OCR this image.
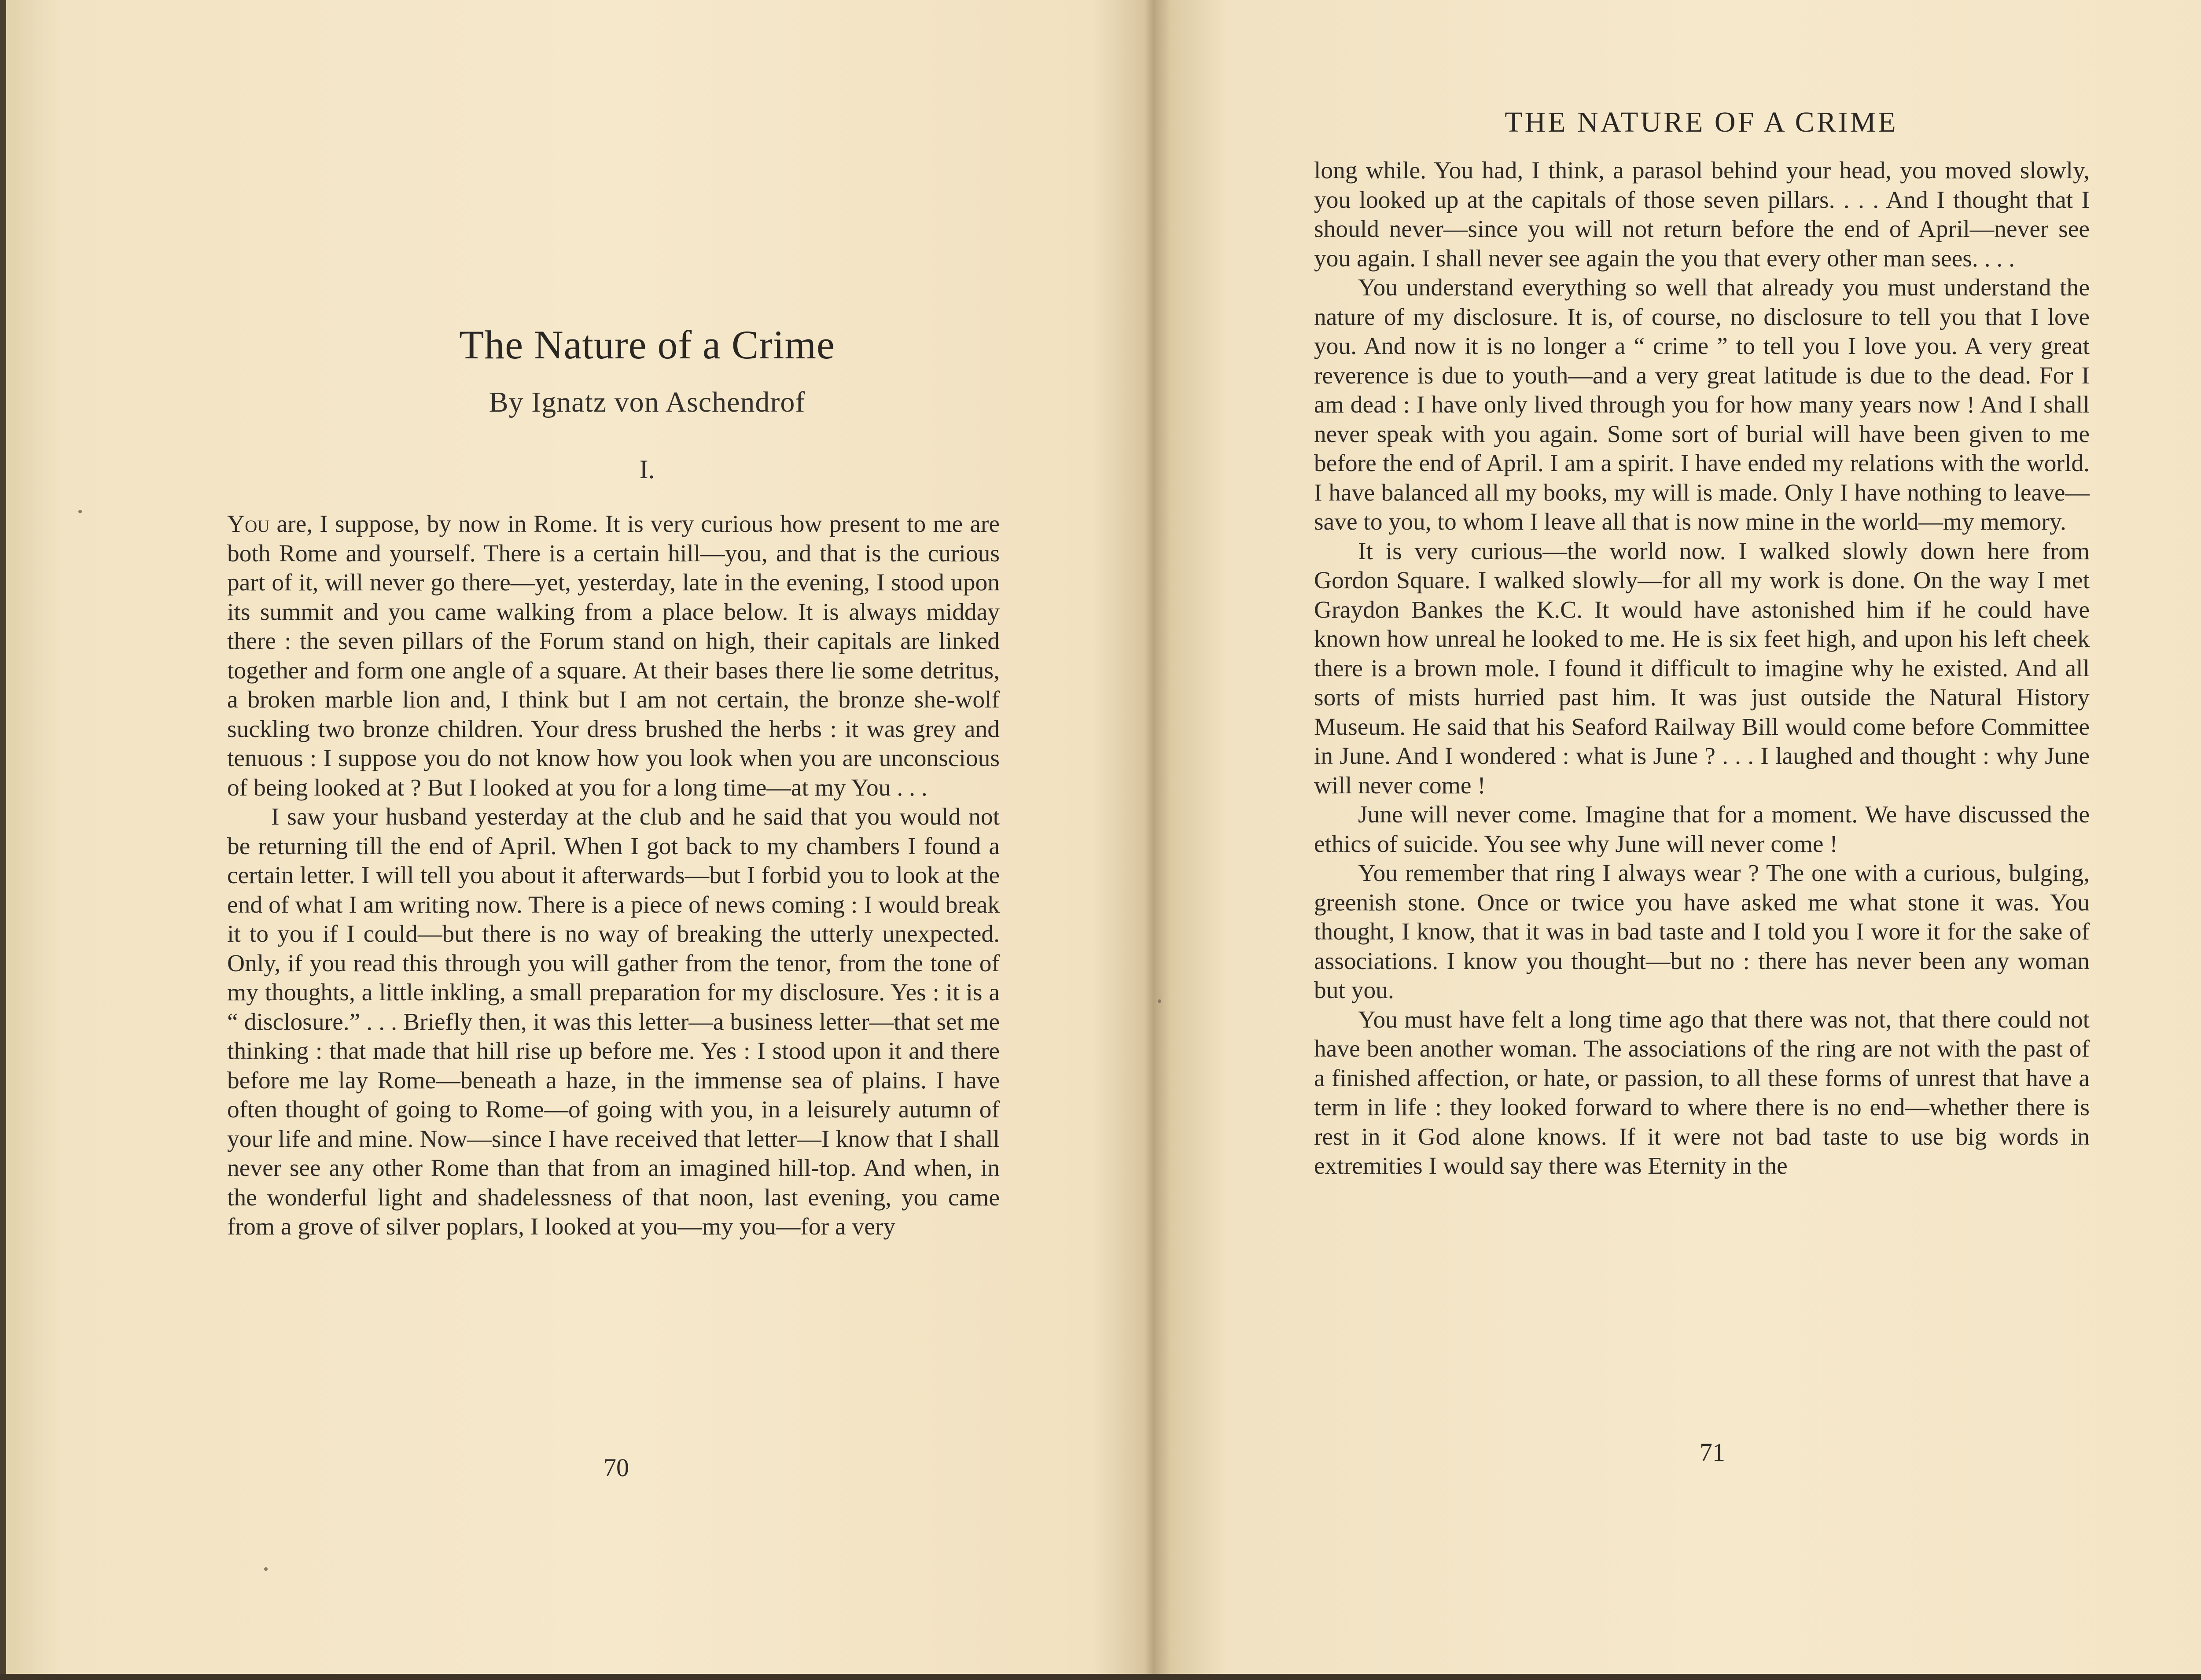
The Nature of a Crime
By Ignatz von Aschendrof
I.

You are, I suppose, by now in Rome. It is very curious how present to me are both Rome and yourself. There is a certain hill—you, and that is the curious part of it, will never go there—yet, yesterday, late in the evening, I stood upon its summit and you came walking from a place below. It is always midday there : the seven pillars of the Forum stand on high, their capitals are linked together and form one angle of a square. At their bases there lie some detritus, a broken marble lion and, I think but I am not certain, the bronze she-wolf suckling two bronze children. Your dress brushed the herbs : it was grey and tenuous : I suppose you do not know how you look when you are unconscious of being looked at ? But I looked at you for a long time—at my You . . .

I saw your husband yesterday at the club and he said that you would not be returning till the end of April. When I got back to my chambers I found a certain letter. I will tell you about it afterwards—but I forbid you to look at the end of what I am writing now. There is a piece of news coming : I would break it to you if I could—but there is no way of breaking the utterly unexpected. Only, if you read this through you will gather from the tenor, from the tone of my thoughts, a little inkling, a small preparation for my disclosure. Yes : it is a “ disclosure.” . . . Briefly then, it was this letter—a business letter—that set me thinking : that made that hill rise up before me. Yes : I stood upon it and there before me lay Rome—beneath a haze, in the immense sea of plains. I have often thought of going to Rome—of going with you, in a leisurely autumn of your life and mine. Now—since I have received that letter—I know that I shall never see any other Rome than that from an imagined hill-top. And when, in the wonderful light and shadelessness of that noon, last evening, you came from a grove of silver poplars, I looked at you—my you—for a very

70
THE NATURE OF A CRIME

long while. You had, I think, a parasol behind your head, you moved slowly, you looked up at the capitals of those seven pillars. . . . And I thought that I should never—since you will not return before the end of April—never see you again. I shall never see again the you that every other man sees. . . .

You understand everything so well that already you must understand the nature of my disclosure. It is, of course, no disclosure to tell you that I love you. And now it is no longer a “ crime ” to tell you I love you. A very great reverence is due to youth—and a very great latitude is due to the dead. For I am dead : I have only lived through you for how many years now ! And I shall never speak with you again. Some sort of burial will have been given to me before the end of April. I am a spirit. I have ended my relations with the world. I have balanced all my books, my will is made. Only I have nothing to leave—save to you, to whom I leave all that is now mine in the world—my memory.

It is very curious—the world now. I walked slowly down here from Gordon Square. I walked slowly—for all my work is done. On the way I met Graydon Bankes the K.C. It would have astonished him if he could have known how unreal he looked to me. He is six feet high, and upon his left cheek there is a brown mole. I found it difficult to imagine why he existed. And all sorts of mists hurried past him. It was just outside the Natural History Museum. He said that his Seaford Railway Bill would come before Committee in June. And I wondered : what is June ? . . . I laughed and thought : why June will never come !

June will never come. Imagine that for a moment. We have discussed the ethics of suicide. You see why June will never come !

You remember that ring I always wear ? The one with a curious, bulging, greenish stone. Once or twice you have asked me what stone it was. You thought, I know, that it was in bad taste and I told you I wore it for the sake of associations. I know you thought—but no : there has never been any woman but you.

You must have felt a long time ago that there was not, that there could not have been another woman. The associations of the ring are not with the past of a finished affection, or hate, or passion, to all these forms of unrest that have a term in life : they looked forward to where there is no end—whether there is rest in it God alone knows. If it were not bad taste to use big words in extremities I would say there was Eternity in the

71
